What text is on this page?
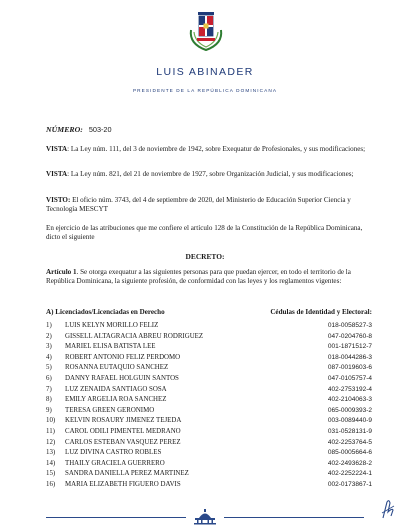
LUIS ABINADER
PRESIDENTE DE LA REPÚBLICA DOMINICANA
NÚMERO: 503-20
VISTA: La Ley núm. 111, del 3 de noviembre de 1942, sobre Exequatur de Profesionales, y sus modificaciones;
VISTA: La Ley núm. 821, del 21 de noviembre de 1927, sobre Organización Judicial, y sus modificaciones;
VISTO: El oficio núm. 3743, del 4 de septiembre de 2020, del Ministerio de Educación Superior Ciencia y Tecnología MESCYT
En ejercicio de las atribuciones que me confiere el artículo 128 de la Constitución de la República Dominicana, dicto el siguiente
DECRETO:
Artículo 1. Se otorga exequatur a las siguientes personas para que puedan ejercer, en todo el territorio de la República Dominicana, la siguiente profesión, de conformidad con las leyes y los reglamentos vigentes:
A) Licenciados/Licenciadas en Derecho	Cédulas de Identidad y Electoral:
1)	LUIS KELYN MORILLO FELIZ	018-0058527-3
2)	GISSELL ALTAGRACIA ABREU RODRIGUEZ	047-0204760-8
3)	MARIEL ELISA BATISTA LEE	001-1871512-7
4)	ROBERT ANTONIO FELIZ PERDOMO	018-0044286-3
5)	ROSANNA EUTAQUIO SANCHEZ	087-0019603-6
6)	DANNY RAFAEL HOLGUIN SANTOS	047-0105757-4
7)	LUZ ZENAIDA SANTIAGO SOSA	402-2753192-4
8)	EMILY ARGELIA ROA SANCHEZ	402-2104063-3
9)	TERESA GREEN GERONIMO	065-0009393-2
10)	KELVIN ROSAURY JIMENEZ TEJEDA	003-0089440-9
11)	CAROL ODILI PIMENTEL MEDRANO	031-0528131-9
12)	CARLOS ESTEBAN VASQUEZ PEREZ	402-2253764-5
13)	LUZ DIVINA CASTRO ROBLES	085-0005664-6
14)	THAILY GRACIELA GUERRERO	402-2493628-2
15)	SANDRA DANIELLA PEREZ MARTINEZ	402-2252224-1
16)	MARIA ELIZABETH FIGUERO DAVIS	002-0173867-1
